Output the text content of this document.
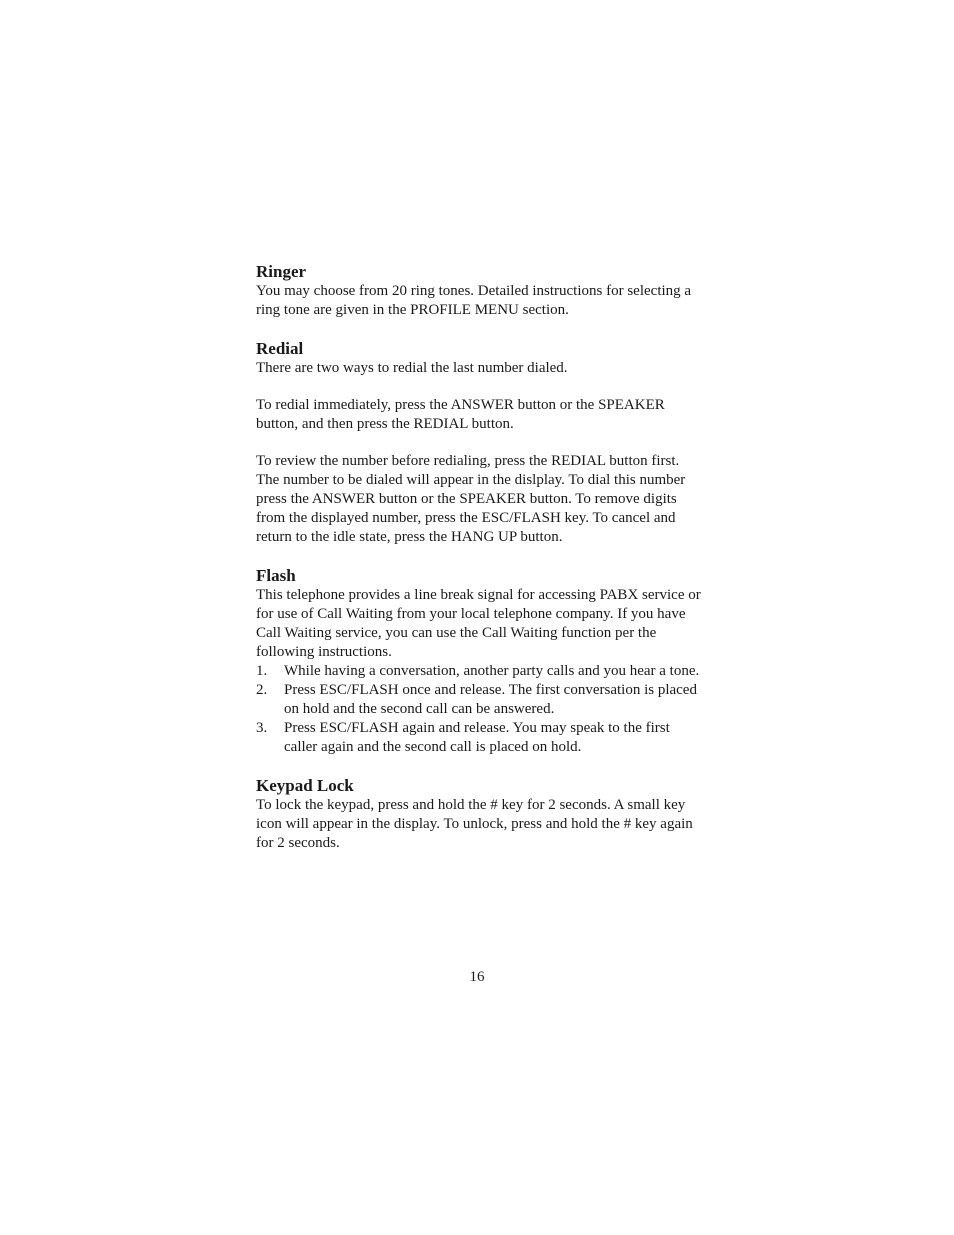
Ringer

You may choose from 20 ring tones. Detailed instructions for selecting a ring tone are given in the PROFILE MENU section.

Redial

There are two ways to redial the last number dialed.

To redial immediately, press the ANSWER button or the SPEAKER button, and then press the REDIAL button.

To review the number before redialing, press the REDIAL button first. The number to be dialed will appear in the dislplay. To dial this number press the ANSWER button or the SPEAKER button. To remove digits from the displayed number, press the ESC/FLASH key. To cancel and return to the idle state, press the HANG UP button.

Flash

This telephone provides a line break signal for accessing PABX service or for use of Call Waiting from your local telephone company. If you have Call Waiting service, you can use the Call Waiting function per the following instructions.

1. While having a conversation, another party calls and you hear a tone.
2. Press ESC/FLASH once and release. The first conversation is placed on hold and the second call can be answered.
3. Press ESC/FLASH again and release. You may speak to the first caller again and the second call is placed on hold.
Keypad Lock

To lock the keypad, press and hold the # key for 2 seconds. A small key icon will appear in the display. To unlock, press and hold the # key again for 2 seconds.

16
